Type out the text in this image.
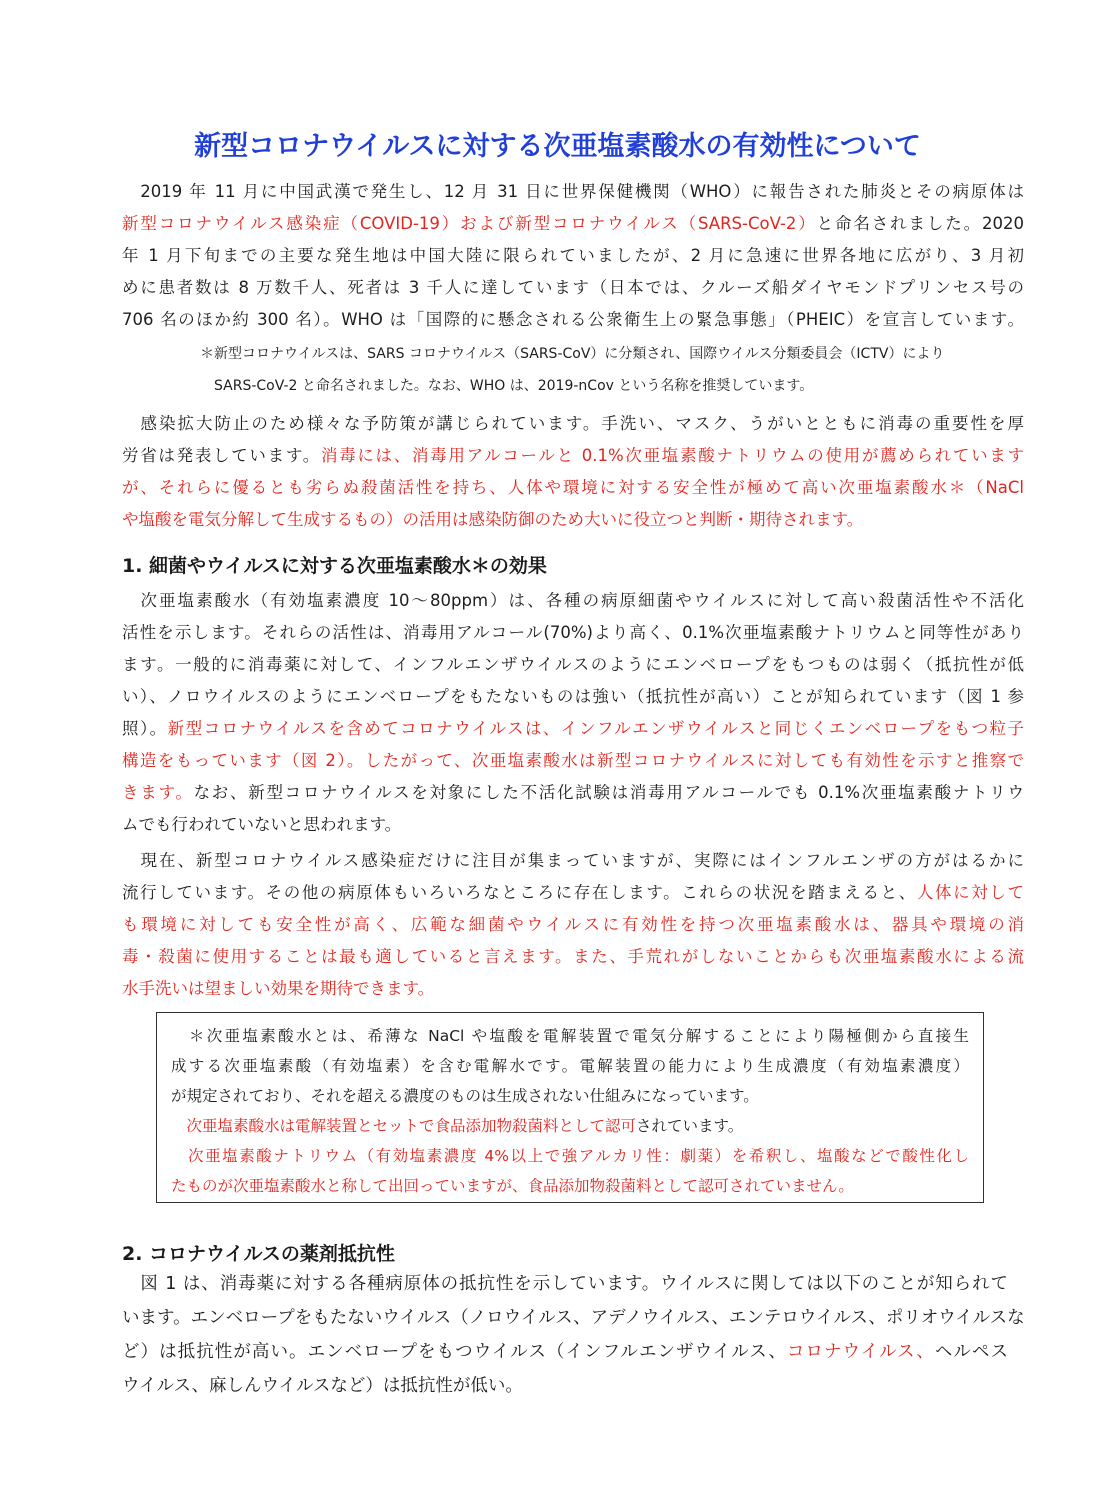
新型コロナウイルスに対する次亜塩素酸水の有効性について
　2019 年 11 月に中国武漢で発生し、12 月 31 日に世界保健機関（WHO）に報告された肺炎とその病原体は
新型コロナウイルス感染症（COVID-19）および新型コロナウイルス（SARS-CoV-2）と命名されました。2020
年 1 月下旬までの主要な発生地は中国大陸に限られていましたが、2 月に急速に世界各地に広がり、3 月初
めに患者数は 8 万数千人、死者は 3 千人に達しています（日本では、クルーズ船ダイヤモンドプリンセス号の
706 名のほか約 300 名）。WHO は「国際的に懸念される公衆衛生上の緊急事態」（PHEIC）を宣言しています。
＊新型コロナウイルスは、SARS コロナウイルス（SARS-CoV）に分類され、国際ウイルス分類委員会（ICTV）により
　SARS-CoV-2 と命名されました。なお、WHO は、2019-nCov という名称を推奨しています。
　感染拡大防止のため様々な予防策が講じられています。手洗い、マスク、うがいとともに消毒の重要性を厚
労省は発表しています。消毒には、消毒用アルコールと 0.1%次亜塩素酸ナトリウムの使用が薦められています
が、それらに優るとも劣らぬ殺菌活性を持ち、人体や環境に対する安全性が極めて高い次亜塩素酸水＊（NaCl
や塩酸を電気分解して生成するもの）の活用は感染防御のため大いに役立つと判断・期待されます。
1. 細菌やウイルスに対する次亜塩素酸水＊の効果
　次亜塩素酸水（有効塩素濃度 10～80ppm）は、各種の病原細菌やウイルスに対して高い殺菌活性や不活化
活性を示します。それらの活性は、消毒用アルコール(70%)より高く、0.1%次亜塩素酸ナトリウムと同等性があり
ます。一般的に消毒薬に対して、インフルエンザウイルスのようにエンベロープをもつものは弱く（抵抗性が低
い）、ノロウイルスのようにエンベロープをもたないものは強い（抵抗性が高い）ことが知られています（図 1 参
照）。新型コロナウイルスを含めてコロナウイルスは、インフルエンザウイルスと同じくエンベロープをもつ粒子
構造をもっています（図 2）。したがって、次亜塩素酸水は新型コロナウイルスに対しても有効性を示すと推察で
きます。なお、新型コロナウイルスを対象にした不活化試験は消毒用アルコールでも 0.1%次亜塩素酸ナトリウ
ムでも行われていないと思われます。
　現在、新型コロナウイルス感染症だけに注目が集まっていますが、実際にはインフルエンザの方がはるかに
流行しています。その他の病原体もいろいろなところに存在します。これらの状況を踏まえると、人体に対して
も環境に対しても安全性が高く、広範な細菌やウイルスに有効性を持つ次亜塩素酸水は、器具や環境の消
毒・殺菌に使用することは最も適していると言えます。また、手荒れがしないことからも次亜塩素酸水による流
水手洗いは望ましい効果を期待できます。
　＊次亜塩素酸水とは、希薄な NaCl や塩酸を電解装置で電気分解することにより陽極側から直接生
成する次亜塩素酸（有効塩素）を含む電解水です。電解装置の能力により生成濃度（有効塩素濃度）
が規定されており、それを超える濃度のものは生成されない仕組みになっています。
　次亜塩素酸水は電解装置とセットで食品添加物殺菌料として認可されています。
　次亜塩素酸ナトリウム（有効塩素濃度 4%以上で強アルカリ性：劇薬）を希釈し、塩酸などで酸性化し
たものが次亜塩素酸水と称して出回っていますが、食品添加物殺菌料として認可されていません。
2. コロナウイルスの薬剤抵抗性
　図 1 は、消毒薬に対する各種病原体の抵抗性を示しています。ウイルスに関しては以下のことが知られて
います。エンベロープをもたないウイルス（ノロウイルス、アデノウイルス、エンテロウイルス、ポリオウイルスな
ど）は抵抗性が高い。エンベロープをもつウイルス（インフルエンザウイルス、コロナウイルス、ヘルペス
ウイルス、麻しんウイルスなど）は抵抗性が低い。
